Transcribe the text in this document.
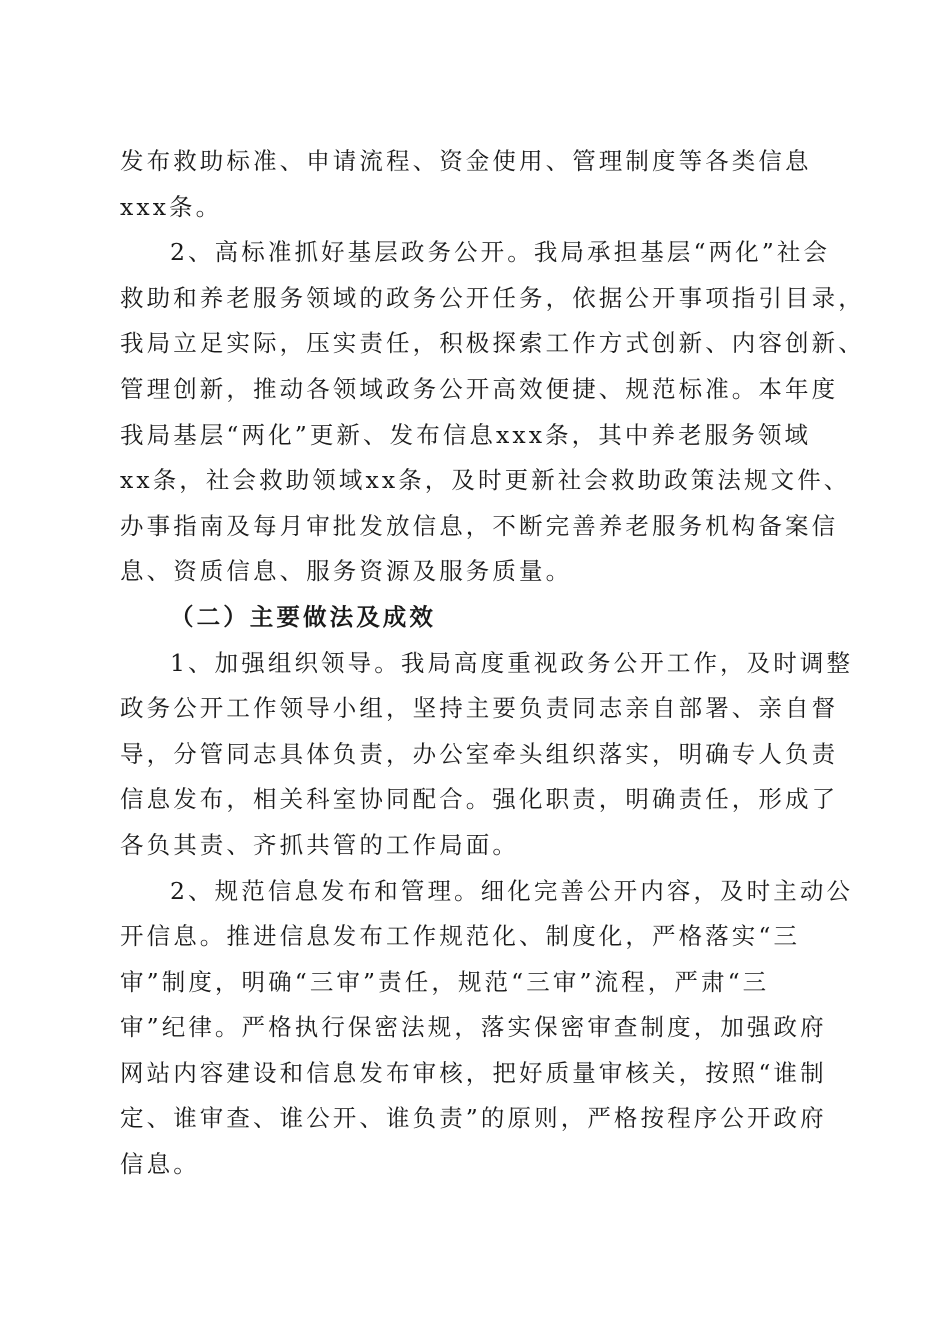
发布救助标准、申请流程、资金使用、管理制度等各类信息
xxx条。
2、高标准抓好基层政务公开。我局承担基层“两化”社会
救助和养老服务领域的政务公开任务，依据公开事项指引目录，
我局立足实际，压实责任，积极探索工作方式创新、内容创新、
管理创新，推动各领域政务公开高效便捷、规范标准。本年度
我局基层“两化”更新、发布信息xxx条，其中养老服务领域
xx条，社会救助领域xx条，及时更新社会救助政策法规文件、
办事指南及每月审批发放信息，不断完善养老服务机构备案信
息、资质信息、服务资源及服务质量。
（二）主要做法及成效
1、加强组织领导。我局高度重视政务公开工作，及时调整
政务公开工作领导小组，坚持主要负责同志亲自部署、亲自督
导，分管同志具体负责，办公室牵头组织落实，明确专人负责
信息发布，相关科室协同配合。强化职责，明确责任，形成了
各负其责、齐抓共管的工作局面。
2、规范信息发布和管理。细化完善公开内容，及时主动公
开信息。推进信息发布工作规范化、制度化，严格落实“三
审”制度，明确“三审”责任，规范“三审”流程，严肃“三
审”纪律。严格执行保密法规，落实保密审查制度，加强政府
网站内容建设和信息发布审核，把好质量审核关，按照“谁制
定、谁审查、谁公开、谁负责”的原则，严格按程序公开政府
信息。
